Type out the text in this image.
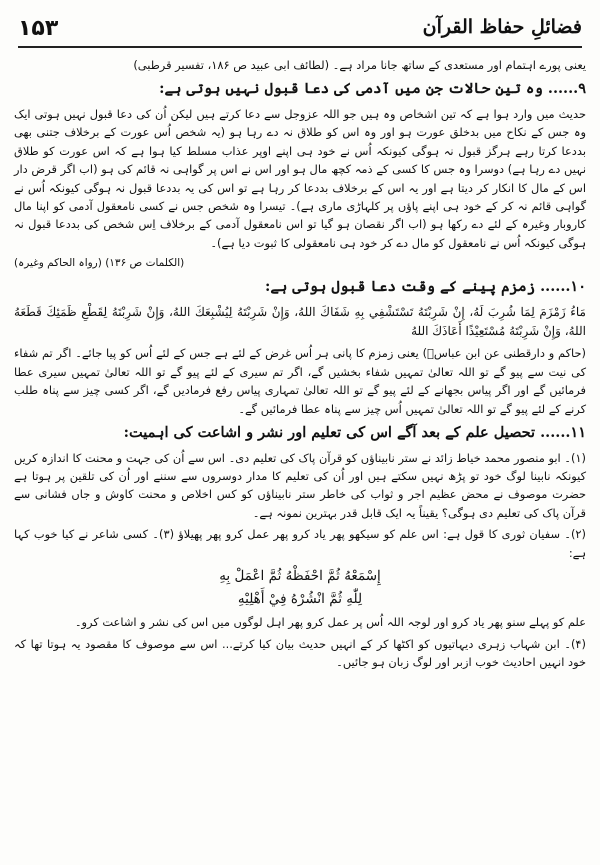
۱۵۳	فضائلِ حفاظ القرآن

یعنی پورے اہتمام اور مستعدی کے ساتھ جانا مراد ہے۔ (لطائف ابی عبید ص ۱۸۶، تفسیر قرطبی)

۹...... وہ تین حالات جن میں آدمی کی دعا قبول نہیں ہوتی ہے:

حدیث میں وارد ہوا ہے کہ تین اشخاص وہ ہیں جو اللہ عزوجل سے دعا کرتے ہیں لیکن اُن کی دعا قبول نہیں ہوتی ایک وہ جس کے نکاح میں بدخلق عورت ہو اور وہ اس کو طلاق نہ دے رہا ہو (یہ شخص اُس عورت کے برخلاف جتنی بھی بددعا کرتا رہے ہرگز قبول نہ ہوگی کیونکہ اُس نے خود ہی اپنے اوپر عذاب مسلط کیا ہوا ہے کہ اس عورت کو طلاق نہیں دے رہا ہے) دوسرا وہ جس کا کسی کے ذمہ کچھ مال ہو اور اس نے اس پر گواہی نہ قائم کی ہو (اب اگر قرض دار اس کے مال کا انکار کر دیتا ہے اور یہ اس کے برخلاف بددعا کر رہا ہے تو اس کی یہ بددعا قبول نہ ہوگی کیونکہ اُس نے گواہی قائم نہ کر کے خود ہی اپنے پاؤں پر کلہاڑی ماری ہے)۔ تیسرا وہ شخص جس نے کسی نامعقول آدمی کو اپنا مال کاروبار وغیرہ کے لئے دے رکھا ہو (اب اگر نقصان ہو گیا تو اس نامعقول آدمی کے برخلاف اِس شخص کی بددعا قبول نہ ہوگی کیونکہ اُس نے نامعقول کو مال دے کر خود ہی نامعقولی کا ثبوت دیا ہے)۔

(رواہ الحاکم وغیرہ) (الکلمات ص ۱۳۶)

۱۰...... زمزم پینے کے وقت دعا قبول ہوتی ہے:

مَاءُ زَمْزَمَ لِمَا شُرِبَ لَهُ، إِنْ شَرِبْتَهُ تَسْتَشْفِي بِهِ شَفَاكَ اللهُ، وَإِنْ شَرِبْتَهُ لِيُشْبِعَكَ اللهُ، وَإِنْ شَرِبْتَهُ لِقَطْعِ ظَمَئِكَ قَطَعَهُ اللهُ، وَإِنْ شَرِبْتَهُ مُسْتَعِيْذًا أَعَاذَكَ اللهُ

(حاکم و دارقطنی عن ابن عباسؓ) یعنی زمزم کا پانی ہر اُس غرض کے لئے ہے جس کے لئے اُس کو پیا جائے۔ اگر تم شفاء کی نیت سے پیو گے تو اللہ تعالیٰ تمہیں شفاء بخشیں گے، اگر تم سیری کے لئے پیو گے تو اللہ تعالیٰ تمہیں سیری عطا فرمائیں گے اور اگر پیاس بجھانے کے لئے پیو گے تو اللہ تعالیٰ تمہاری پیاس رفع فرمادیں گے، اگر کسی چیز سے پناہ طلب کرنے کے لئے پیو گے تو اللہ تعالیٰ تمہیں اُس چیز سے پناہ عطا فرمائیں گے۔

۱۱...... تحصیل علم کے بعد آگے اس کی تعلیم اور نشر و اشاعت کی اہمیت:

(۱)۔ ابو منصور محمد خیاط زائد نے ستر نابیناؤں کو قرآن پاک کی تعلیم دی۔ اس سے اُن کی جہت و محنت کا اندازہ کریں کیونکہ نابینا لوگ خود تو پڑھ نہیں سکتے ہیں اور اُن کی تعلیم کا مدار دوسروں سے سننے اور اُن کی تلقین پر ہوتا ہے حضرت موصوف نے محض عظیم اجر و ثواب کی خاطر ستر نابیناؤں کو کس اخلاص و محنت کاوش و جاں فشانی سے قرآن پاک کی تعلیم دی ہوگی؟ یقیناً یہ ایک قابل قدر بہترین نمونہ ہے۔

(۲)۔ سفیان ثوری کا قول ہے: اس علم کو سیکھو پھر یاد کرو پھر عمل کرو پھر پھیلاؤ (۳)۔ کسی شاعر نے کیا خوب کہا ہے:

إِسْمَعْهُ ثُمَّ احْفَظْهُ ثُمَّ اعْمَلْ بِهِ
لِلّٰهِ ثُمَّ انْشُرْهُ فِيْ أَهْلِيْهِ

علم کو پہلے سنو پھر یاد کرو اور لوجہ اللہ اُس پر عمل کرو پھر اہل لوگوں میں اس کی نشر و اشاعت کرو۔

(۴)۔ ابن شہاب زہری دیہاتیوں کو اکٹھا کر کے انہیں حدیث بیان کیا کرتے... اس سے موصوف کا مقصود یہ ہوتا تھا کہ خود انہیں احادیث خوب ازبر اور لوگ زبان ہو جائیں۔
